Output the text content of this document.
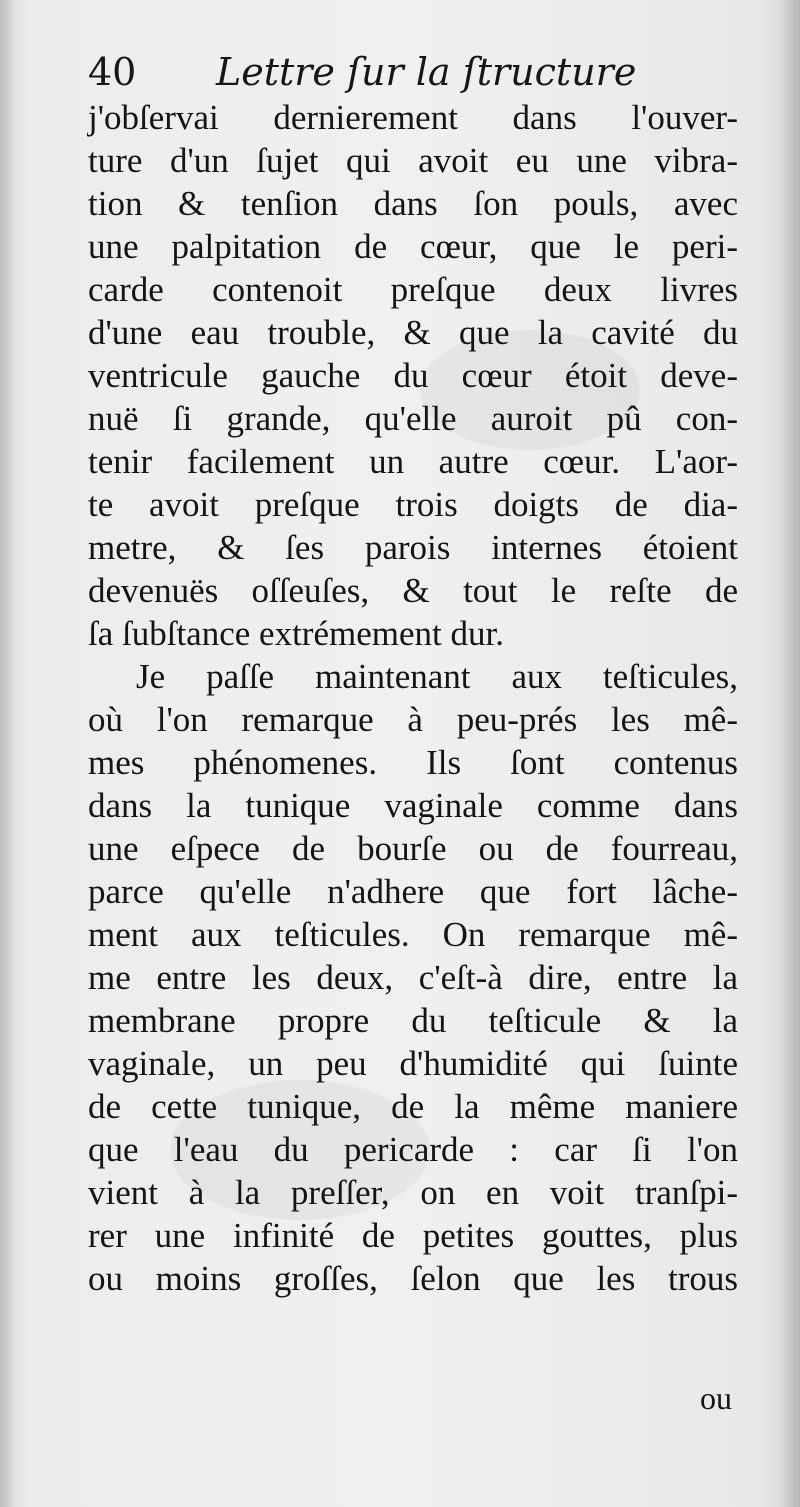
40 Lettre ſur la ſtructure
j'obſervai dernierement dans l'ouver-
ture d'un ſujet qui avoit eu une vibra-
tion & tenſion dans ſon pouls, avec
une palpitation de cœur, que le peri-
carde contenoit preſque deux livres
d'une eau trouble, & que la cavité du
ventricule gauche du cœur étoit deve-
nuë ſi grande, qu'elle auroit pû con-
tenir facilement un autre cœur. L'aor-
te avoit preſque trois doigts de dia-
metre, & ſes parois internes étoient
devenuës oſſeuſes, & tout le reſte de
ſa ſubſtance extrémement dur.
Je paſſe maintenant aux teſticules,
où l'on remarque à peu-prés les mê-
mes phénomenes. Ils ſont contenus
dans la tunique vaginale comme dans
une eſpece de bourſe ou de fourreau,
parce qu'elle n'adhere que fort lâche-
ment aux teſticules. On remarque mê-
me entre les deux, c'eſt-à dire, entre la
membrane propre du teſticule & la
vaginale, un peu d'humidité qui ſuinte
de cette tunique, de la même maniere
que l'eau du pericarde : car ſi l'on
vient à la preſſer, on en voit tranſpi-
rer une infinité de petites gouttes, plus
ou moins groſſes, ſelon que les trous
ou
